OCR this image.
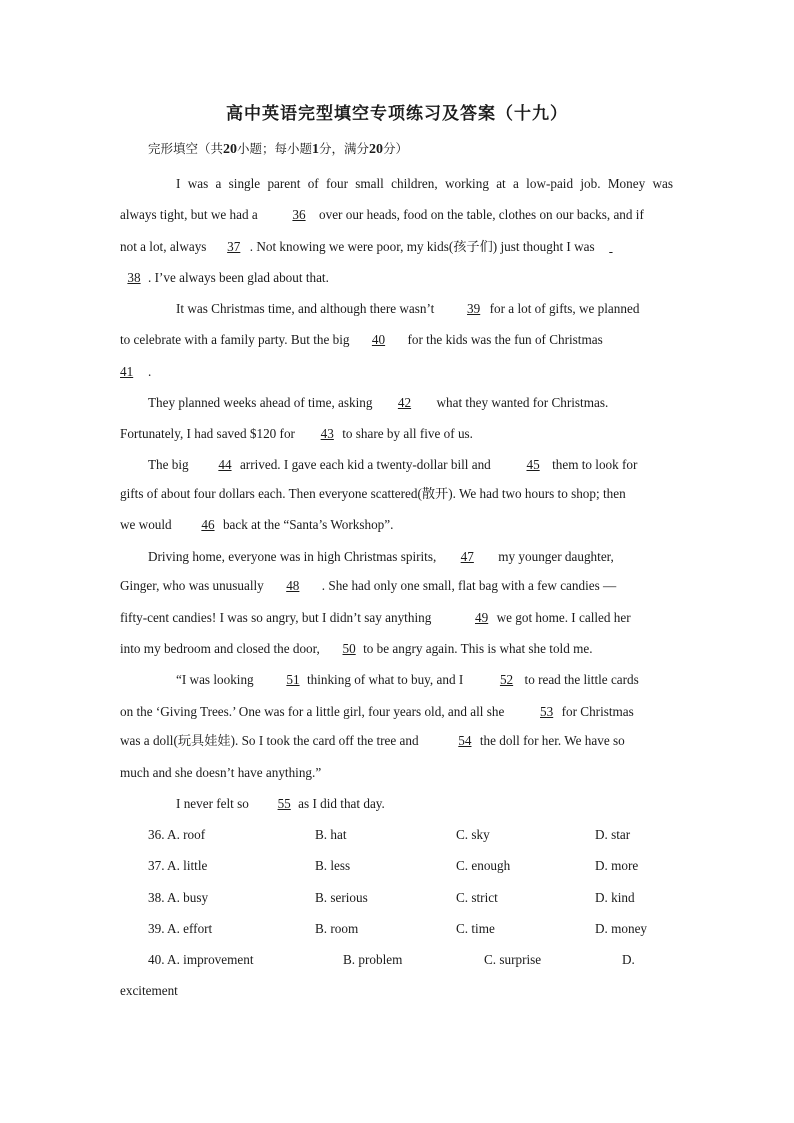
高中英语完型填空专项练习及答案（十九）
完形填空（共20小题；每小题1分，满分20分）
I was a single parent of four small children, working at a low-paid job. Money was
always tight, but we had a	36 over our heads, food on the table, clothes on our backs, and if
not a lot, always 37 . Not knowing we were poor, my kids(孩子们) just thought I was
38 . I’ve always been glad about that.
It was Christmas time, and although there wasn’t 39 for a lot of gifts, we planned
to celebrate with a family party. But the big 40 for the kids was the fun of Christmas
41 .
They planned weeks ahead of time, asking 42 what they wanted for Christmas.
Fortunately, I had saved $120 for 43 to share by all five of us.
The big 44 arrived. I gave each kid a twenty-dollar bill and	45 them to look for
gifts of about four dollars each. Then everyone scattered(散开). We had two hours to shop; then
we would 46 back at the “Santa’s Workshop”.
Driving home, everyone was in high Christmas spirits, 47 my younger daughter,
Ginger, who was unusually 48 . She had only one small, flat bag with a few candies —
fifty-cent candies! I was so angry, but I didn’t say anything	49 we got home. I called her
into my bedroom and closed the door, 50 to be angry again. This is what she told me.
“I was looking 51 thinking of what to buy, and I	52 to read the little cards
on the ‘Giving Trees.’ One was for a little girl, four years old, and all she	53 for Christmas
was a doll(玩具娃娃). So I took the card off the tree and	54 the doll for her. We have so
much and she doesn’t have anything.”
I never felt so 55 as I did that day.
36. A. roof	B. hat	C. sky	D. star
37. A. little	B. less	C. enough	D. more
38. A. busy	B. serious	C. strict	D. kind
39. A. effort	B. room	C. time	D. money
40. A. improvement	B. problem	C. surprise	D.
excitement
